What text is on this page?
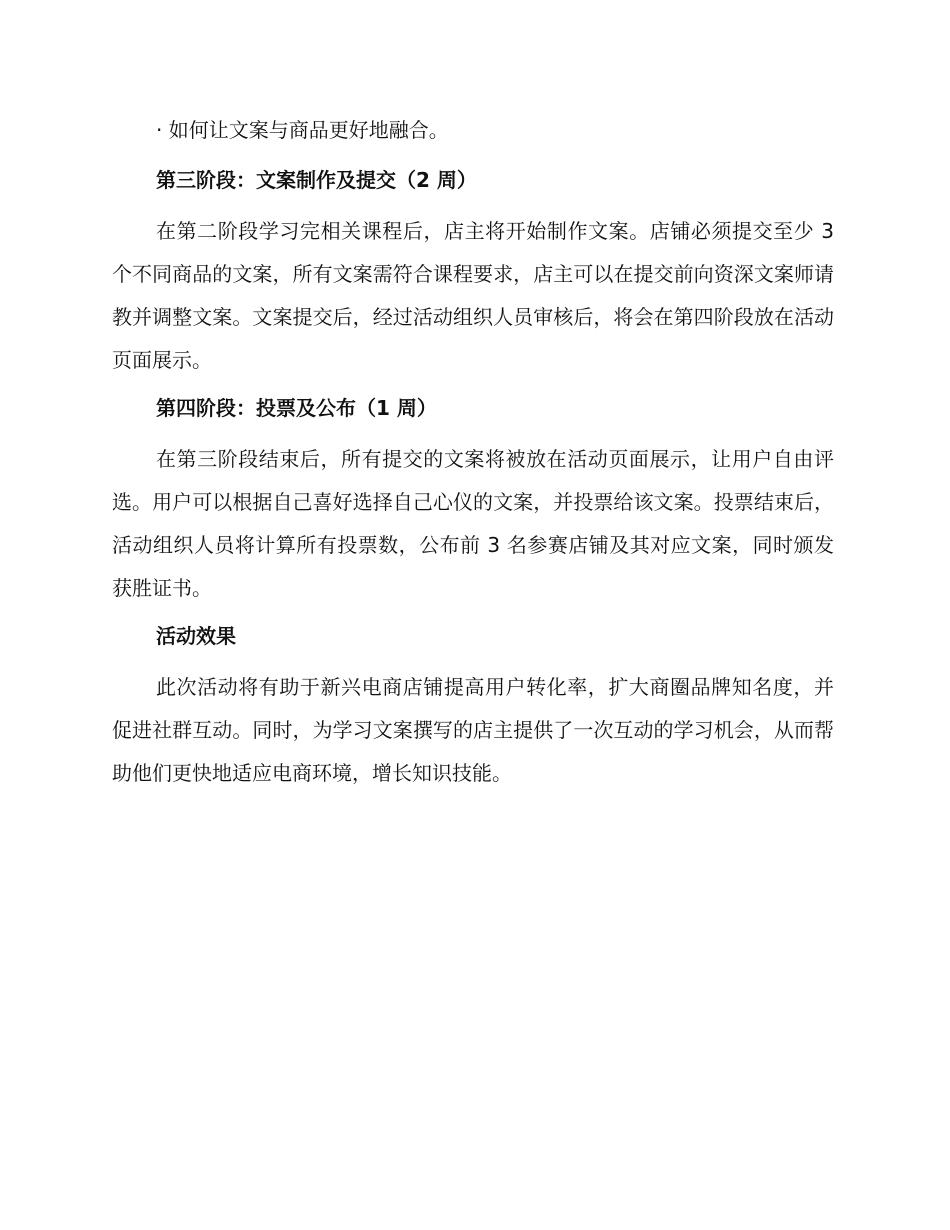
· 如何让文案与商品更好地融合。

第三阶段：文案制作及提交（2 周）

在第二阶段学习完相关课程后，店主将开始制作文案。店铺必须提交至少 3 个不同商品的文案，所有文案需符合课程要求，店主可以在提交前向资深文案师请教并调整文案。文案提交后，经过活动组织人员审核后，将会在第四阶段放在活动页面展示。

第四阶段：投票及公布（1 周）

在第三阶段结束后，所有提交的文案将被放在活动页面展示，让用户自由评选。用户可以根据自己喜好选择自己心仪的文案，并投票给该文案。投票结束后，活动组织人员将计算所有投票数，公布前 3 名参赛店铺及其对应文案，同时颁发获胜证书。

活动效果

此次活动将有助于新兴电商店铺提高用户转化率，扩大商圈品牌知名度，并促进社群互动。同时，为学习文案撰写的店主提供了一次互动的学习机会，从而帮助他们更快地适应电商环境，增长知识技能。
